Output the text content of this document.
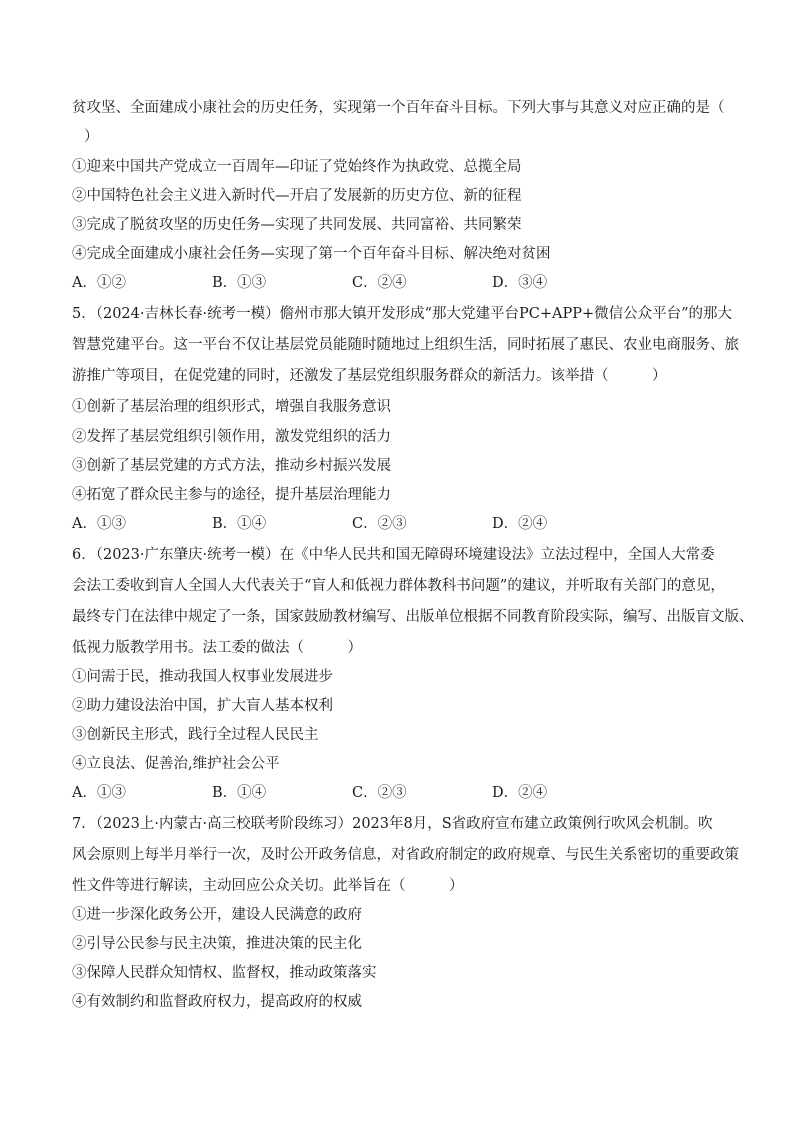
贫攻坚、全面建成小康社会的历史任务，实现第一个百年奋斗目标。下列大事与其意义对应正确的是（
）
①迎来中国共产党成立一百周年—印证了党始终作为执政党、总揽全局
②中国特色社会主义进入新时代—开启了发展新的历史方位、新的征程
③完成了脱贫攻坚的历史任务—实现了共同发展、共同富裕、共同繁荣
④完成全面建成小康社会任务—实现了第一个百年奋斗目标、解决绝对贫困
A．①②	B．①③	C．②④	D．③④
5．（2024·吉林长春·统考一模）儋州市那大镇开发形成“那大党建平台PC+APP+微信公众平台”的那大
智慧党建平台。这一平台不仅让基层党员能随时随地过上组织生活，同时拓展了惠民、农业电商服务、旅
游推广等项目，在促党建的同时，还激发了基层党组织服务群众的新活力。该举措（　　　）
①创新了基层治理的组织形式，增强自我服务意识
②发挥了基层党组织引领作用，激发党组织的活力
③创新了基层党建的方式方法，推动乡村振兴发展
④拓宽了群众民主参与的途径，提升基层治理能力
A．①③	B．①④	C．②③	D．②④
6．（2023·广东肇庆·统考一模）在《中华人民共和国无障碍环境建设法》立法过程中，全国人大常委
会法工委收到盲人全国人大代表关于“盲人和低视力群体教科书问题”的建议，并听取有关部门的意见，
最终专门在法律中规定了一条，国家鼓励教材编写、出版单位根据不同教育阶段实际，编写、出版盲文版、
低视力版教学用书。法工委的做法（　　　）
①问需于民，推动我国人权事业发展进步
②助力建设法治中国，扩大盲人基本权利
③创新民主形式，践行全过程人民民主
④立良法、促善治,维护社会公平
A．①③	B．①④	C．②③	D．②④
7．（2023上·内蒙古·高三校联考阶段练习）2023年8月，S省政府宣布建立政策例行吹风会机制。吹
风会原则上每半月举行一次，及时公开政务信息，对省政府制定的政府规章、与民生关系密切的重要政策
性文件等进行解读，主动回应公众关切。此举旨在（　　　）
①进一步深化政务公开，建设人民满意的政府
②引导公民参与民主决策，推进决策的民主化
③保障人民群众知情权、监督权，推动政策落实
④有效制约和监督政府权力，提高政府的权威
